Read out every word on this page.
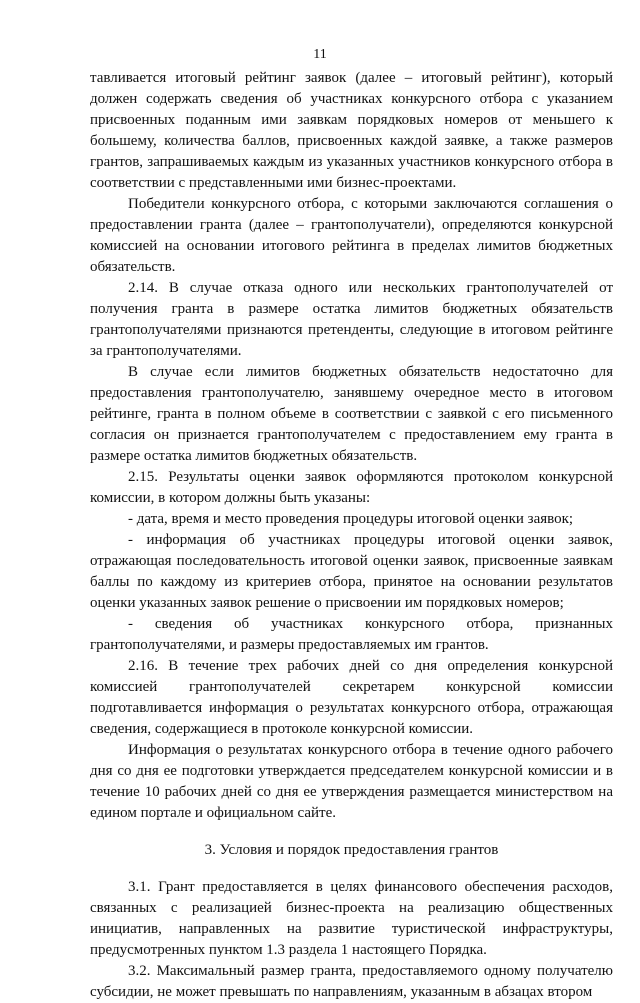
11

тавливается итоговый рейтинг заявок (далее – итоговый рейтинг), который должен содержать сведения об участниках конкурсного отбора с указанием присвоенных поданным ими заявкам порядковых номеров от меньшего к большему, количества баллов, присвоенных каждой заявке, а также размеров грантов, запрашиваемых каждым из указанных участников конкурсного отбора в соответствии с представленными ими бизнес-проектами.

Победители конкурсного отбора, с которыми заключаются соглашения о предоставлении гранта (далее – грантополучатели), определяются конкурсной комиссией на основании итогового рейтинга в пределах лимитов бюджетных обязательств.

2.14. В случае отказа одного или нескольких грантополучателей от получения гранта в размере остатка лимитов бюджетных обязательств грантополучателями признаются претенденты, следующие в итоговом рейтинге за грантополучателями.

В случае если лимитов бюджетных обязательств недостаточно для предоставления грантополучателю, занявшему очередное место в итоговом рейтинге, гранта в полном объеме в соответствии с заявкой с его письменного согласия он признается грантополучателем с предоставлением ему гранта в размере остатка лимитов бюджетных обязательств.

2.15. Результаты оценки заявок оформляются протоколом конкурсной комиссии, в котором должны быть указаны:

- дата, время и место проведения процедуры итоговой оценки заявок;

- информация об участниках процедуры итоговой оценки заявок, отражающая последовательность итоговой оценки заявок, присвоенные заявкам баллы по каждому из критериев отбора, принятое на основании результатов оценки указанных заявок решение о присвоении им порядковых номеров;

- сведения об участниках конкурсного отбора, признанных грантополучателями, и размеры предоставляемых им грантов.

2.16. В течение трех рабочих дней со дня определения конкурсной комиссией грантополучателей секретарем конкурсной комиссии подготавливается информация о результатах конкурсного отбора, отражающая сведения, содержащиеся в протоколе конкурсной комиссии.

Информация о результатах конкурсного отбора в течение одного рабочего дня со дня ее подготовки утверждается председателем конкурсной комиссии и в течение 10 рабочих дней со дня ее утверждения размещается министерством на едином портале и официальном сайте.

3. Условия и порядок предоставления грантов

3.1. Грант предоставляется в целях финансового обеспечения расходов, связанных с реализацией бизнес-проекта на реализацию общественных инициатив, направленных на развитие туристической инфраструктуры, предусмотренных пунктом 1.3 раздела 1 настоящего Порядка.

3.2. Максимальный размер гранта, предоставляемого одному получателю субсидии, не может превышать по направлениям, указанным в абзацах втором
